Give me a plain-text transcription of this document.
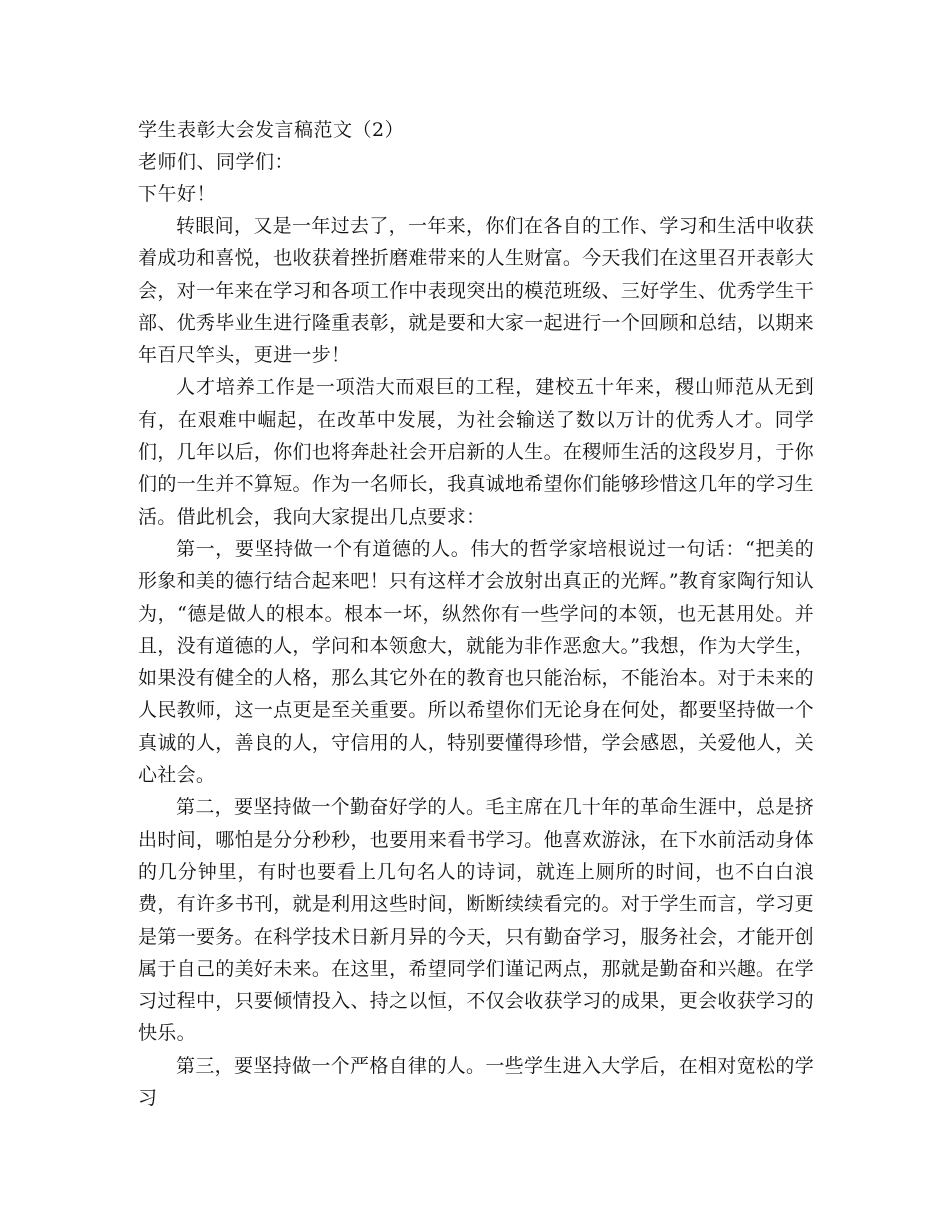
学生表彰大会发言稿范文（2）

老师们、同学们：

下午好！

转眼间，又是一年过去了，一年来，你们在各自的工作、学习和生活中收获着成功和喜悦，也收获着挫折磨难带来的人生财富。今天我们在这里召开表彰大会，对一年来在学习和各项工作中表现突出的模范班级、三好学生、优秀学生干部、优秀毕业生进行隆重表彰，就是要和大家一起进行一个回顾和总结，以期来年百尺竿头，更进一步！

人才培养工作是一项浩大而艰巨的工程，建校五十年来，稷山师范从无到有，在艰难中崛起，在改革中发展，为社会输送了数以万计的优秀人才。同学们，几年以后，你们也将奔赴社会开启新的人生。在稷师生活的这段岁月，于你们的一生并不算短。作为一名师长，我真诚地希望你们能够珍惜这几年的学习生活。借此机会，我向大家提出几点要求：

第一，要坚持做一个有道德的人。伟大的哲学家培根说过一句话：“把美的形象和美的德行结合起来吧！只有这样才会放射出真正的光辉。”教育家陶行知认为，“德是做人的根本。根本一坏，纵然你有一些学问的本领，也无甚用处。并且，没有道德的人，学问和本领愈大，就能为非作恶愈大。”我想，作为大学生，如果没有健全的人格，那么其它外在的教育也只能治标，不能治本。对于未来的人民教师，这一点更是至关重要。所以希望你们无论身在何处，都要坚持做一个真诚的人，善良的人，守信用的人，特别要懂得珍惜，学会感恩，关爱他人，关心社会。

第二，要坚持做一个勤奋好学的人。毛主席在几十年的革命生涯中，总是挤出时间，哪怕是分分秒秒，也要用来看书学习。他喜欢游泳，在下水前活动身体的几分钟里，有时也要看上几句名人的诗词，就连上厕所的时间，也不白白浪费，有许多书刊，就是利用这些时间，断断续续看完的。对于学生而言，学习更是第一要务。在科学技术日新月异的今天，只有勤奋学习，服务社会，才能开创属于自己的美好未来。在这里，希望同学们谨记两点，那就是勤奋和兴趣。在学习过程中，只要倾情投入、持之以恒，不仅会收获学习的成果，更会收获学习的快乐。

第三，要坚持做一个严格自律的人。一些学生进入大学后，在相对宽松的学习
